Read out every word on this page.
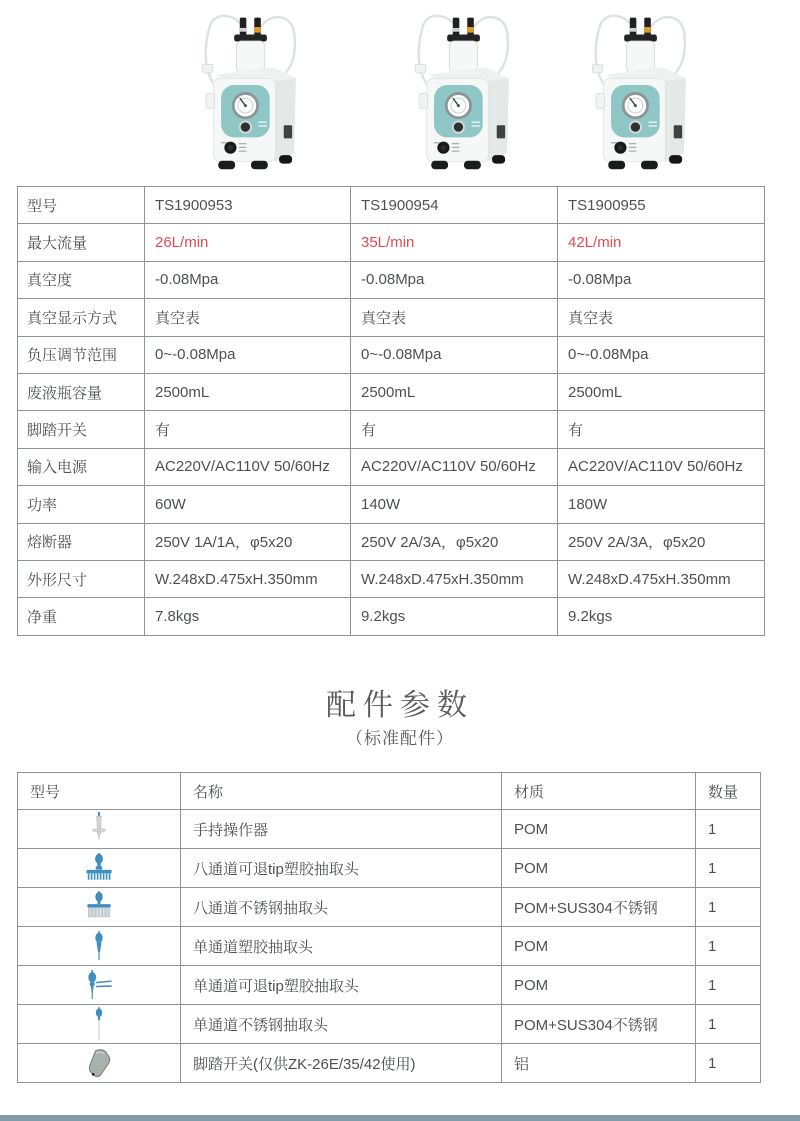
型号	TS1900953	TS1900954	TS1900955
最大流量	26L/min	35L/min	42L/min
真空度	-0.08Mpa	-0.08Mpa	-0.08Mpa
真空显示方式	真空表	真空表	真空表
负压调节范围	0~-0.08Mpa	0~-0.08Mpa	0~-0.08Mpa
废液瓶容量	2500mL	2500mL	2500mL
脚踏开关	有	有	有
输入电源	AC220V/AC110V 50/60Hz	AC220V/AC110V 50/60Hz	AC220V/AC110V 50/60Hz
功率	60W	140W	180W
熔断器	250V 1A/1A，φ5x20	250V 2A/3A，φ5x20	250V 2A/3A，φ5x20
外形尺寸	W.248xD.475xH.350mm	W.248xD.475xH.350mm	W.248xD.475xH.350mm
净重	7.8kgs	9.2kgs	9.2kgs
配件参数
（标准配件）
型号	名称	材质	数量
	手持操作器	POM	1
	八通道可退tip塑胶抽取头	POM	1
	八通道不锈钢抽取头	POM+SUS304不锈钢	1
	单通道塑胶抽取头	POM	1
	单通道可退tip塑胶抽取头	POM	1
	单通道不锈钢抽取头	POM+SUS304不锈钢	1
	脚踏开关(仅供ZK-26E/35/42使用)	铝	1
